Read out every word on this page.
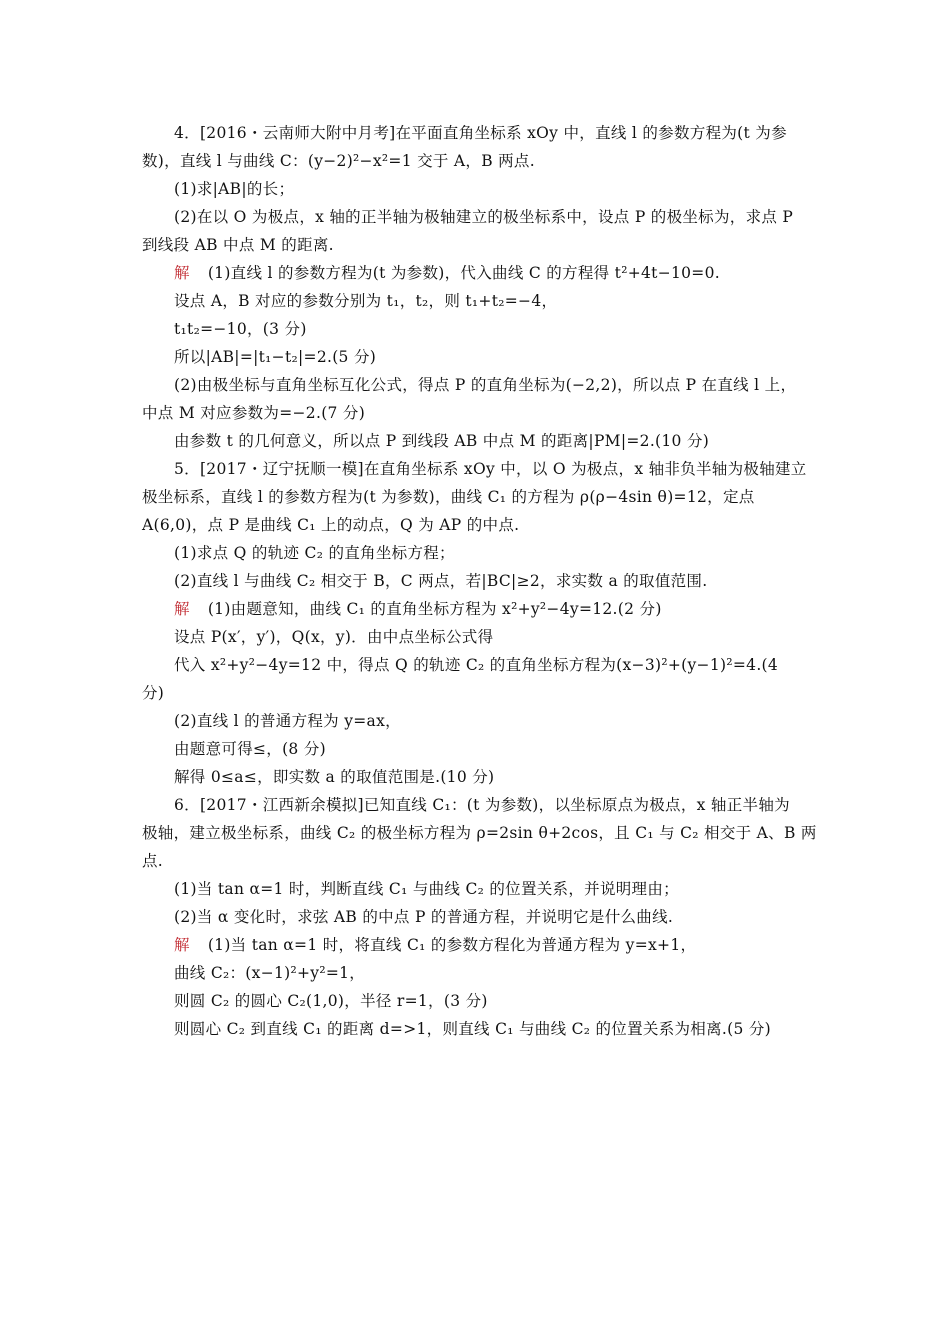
4．[2016・云南师大附中月考]在平面直角坐标系 xOy 中，直线 l 的参数方程为(t 为参
数)，直线 l 与曲线 C：(y−2)²−x²=1 交于 A，B 两点.
(1)求|AB|的长；
(2)在以 O 为极点，x 轴的正半轴为极轴建立的极坐标系中，设点 P 的极坐标为，求点 P
到线段 AB 中点 M 的距离.
解 (1)直线 l 的参数方程为(t 为参数)，代入曲线 C 的方程得 t²+4t−10=0.
设点 A，B 对应的参数分别为 t₁，t₂，则 t₁+t₂=−4，
t₁t₂=−10，(3 分)
所以|AB|=|t₁−t₂|=2.(5 分)
(2)由极坐标与直角坐标互化公式，得点 P 的直角坐标为(−2,2)，所以点 P 在直线 l 上，
中点 M 对应参数为=−2.(7 分)
由参数 t 的几何意义，所以点 P 到线段 AB 中点 M 的距离|PM|=2.(10 分)
5．[2017・辽宁抚顺一模]在直角坐标系 xOy 中，以 O 为极点，x 轴非负半轴为极轴建立
极坐标系，直线 l 的参数方程为(t 为参数)，曲线 C₁ 的方程为 ρ(ρ−4sin θ)=12，定点
A(6,0)，点 P 是曲线 C₁ 上的动点，Q 为 AP 的中点.
(1)求点 Q 的轨迹 C₂ 的直角坐标方程；
(2)直线 l 与曲线 C₂ 相交于 B，C 两点，若|BC|≥2，求实数 a 的取值范围.
解 (1)由题意知，曲线 C₁ 的直角坐标方程为 x²+y²−4y=12.(2 分)
设点 P(x′，y′)，Q(x，y)．由中点坐标公式得
代入 x²+y²−4y=12 中，得点 Q 的轨迹 C₂ 的直角坐标方程为(x−3)²+(y−1)²=4.(4
分)
(2)直线 l 的普通方程为 y=ax，
由题意可得≤，(8 分)
解得 0≤a≤，即实数 a 的取值范围是.(10 分)
6．[2017・江西新余模拟]已知直线 C₁：(t 为参数)，以坐标原点为极点，x 轴正半轴为
极轴，建立极坐标系，曲线 C₂ 的极坐标方程为 ρ=2sin θ+2cos，且 C₁ 与 C₂ 相交于 A、B 两
点.
(1)当 tan α=1 时，判断直线 C₁ 与曲线 C₂ 的位置关系，并说明理由；
(2)当 α 变化时，求弦 AB 的中点 P 的普通方程，并说明它是什么曲线.
解 (1)当 tan α=1 时，将直线 C₁ 的参数方程化为普通方程为 y=x+1，
曲线 C₂：(x−1)²+y²=1，
则圆 C₂ 的圆心 C₂(1,0)，半径 r=1，(3 分)
则圆心 C₂ 到直线 C₁ 的距离 d=>1，则直线 C₁ 与曲线 C₂ 的位置关系为相离.(5 分)
